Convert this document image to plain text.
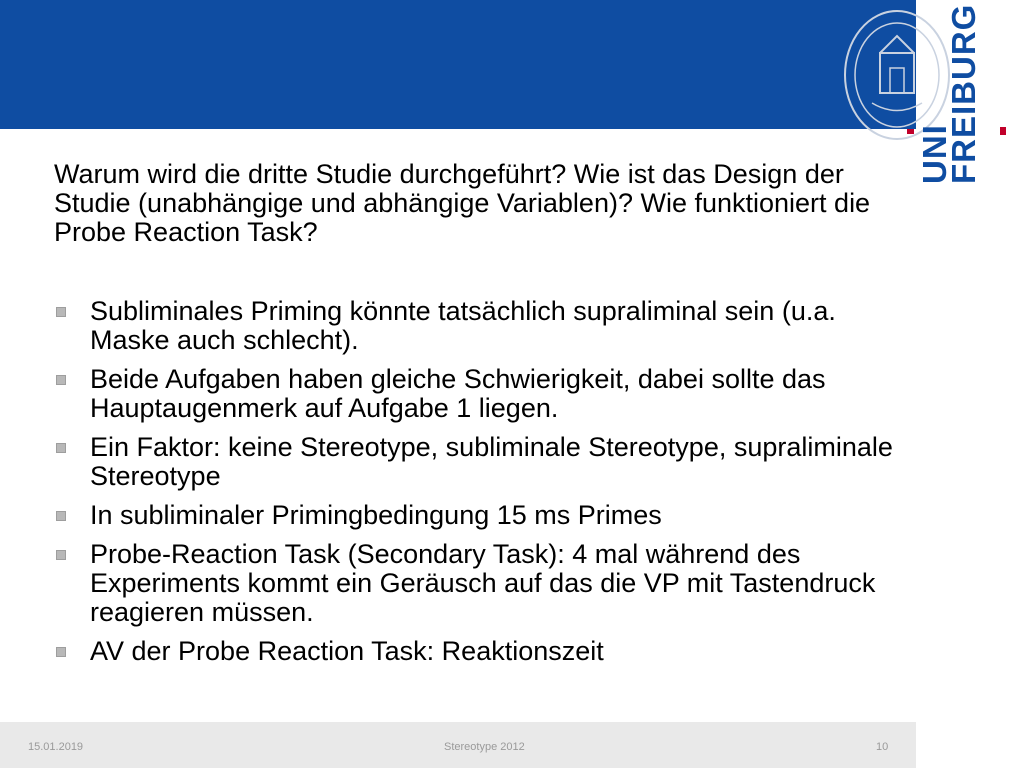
UNI
FREIBURG

Warum wird die dritte Studie durchgeführt? Wie ist das Design der Studie (unabhängige und abhängige Variablen)? Wie funktioniert die Probe Reaction Task?

Subliminales Priming könnte tatsächlich supraliminal sein (u.a. Maske auch schlecht).
Beide Aufgaben haben gleiche Schwierigkeit, dabei sollte das Hauptaugenmerk auf Aufgabe 1 liegen.
Ein Faktor: keine Stereotype, subliminale Stereotype, supraliminale Stereotype
In subliminaler Primingbedingung 15 ms Primes
Probe-Reaction Task (Secondary Task): 4 mal während des Experiments kommt ein Geräusch auf das die VP mit Tastendruck reagieren müssen.
AV der Probe Reaction Task: Reaktionszeit
15.01.2019	Stereotype 2012	10
